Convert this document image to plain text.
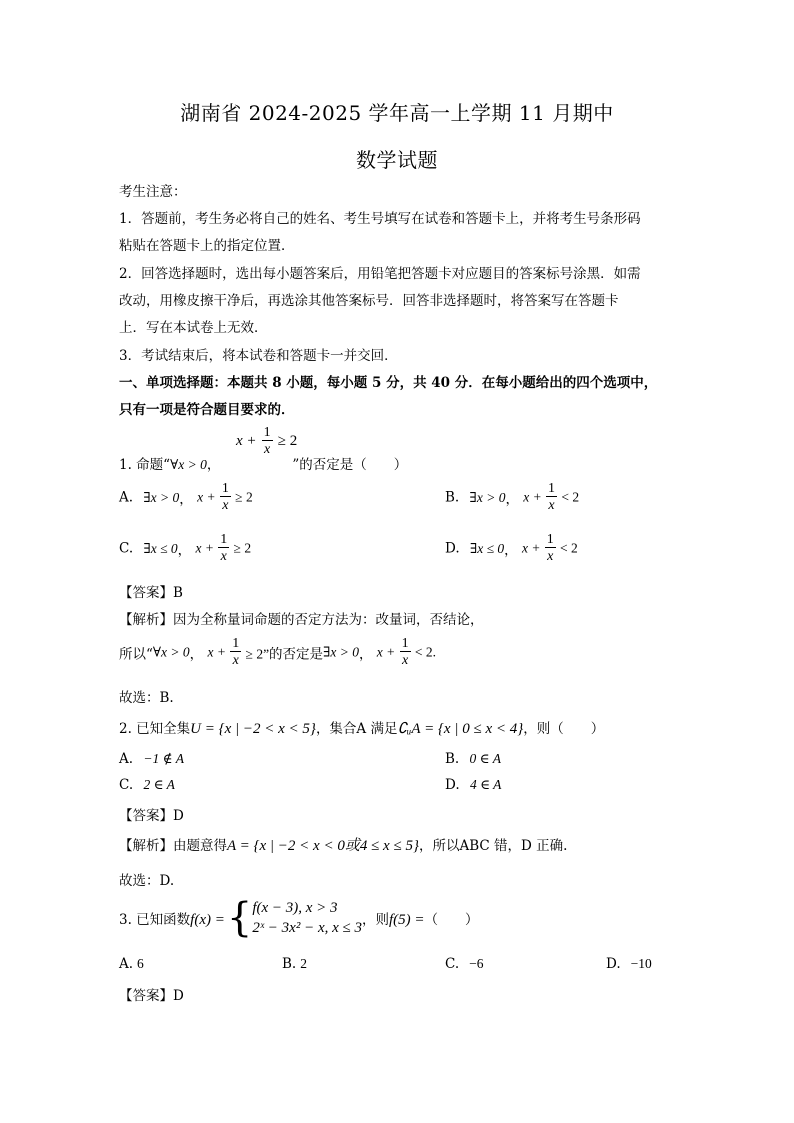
湖南省 2024-2025 学年高一上学期 11 月期中
数学试题
考生注意：
1．答题前，考生务必将自己的姓名、考生号填写在试卷和答题卡上，并将考生号条形码
粘贴在答题卡上的指定位置．
2．回答选择题时，选出每小题答案后，用铅笔把答题卡对应题目的答案标号涂黑．如需
改动，用橡皮擦干净后，再选涂其他答案标号．回答非选择题时，将答案写在答题卡
上．写在本试卷上无效．
3．考试结束后，将本试卷和答题卡一并交回．
一、单项选择题：本题共 8 小题，每小题 5 分，共 40 分．在每小题给出的四个选项中，
只有一项是符合题目要求的．
$x + \frac{1}{x} \ge 2$
1. 命题“∀x > 0，	”的否定是（　　）
A. ∃x > 0， $x + \frac{1}{x} \ge 2$	B. ∃x > 0， $x + \frac{1}{x} < 2$
C. ∃x ≤ 0， $x + \frac{1}{x} \ge 2$	D. ∃x ≤ 0， $x + \frac{1}{x} < 2$
【答案】B
【解析】因为全称量词命题的否定方法为：改量词，否结论，
所以“∀x > 0， $x + \frac{1}{x} \ge 2$”的否定是∃x > 0， $x + \frac{1}{x} < 2$.
故选：B.
2. 已知全集U = {x | −2 < x < 5}，集合A 满足∁ᵤA = {x | 0 ≤ x < 4}，则（　　）
A. −1 ∉ A	B. 0 ∈ A
C. 2 ∈ A	D. 4 ∈ A
【答案】D
【解析】由题意得A = {x | −2 < x < 0或4 ≤ x ≤ 5}，所以ABC 错，D 正确.
故选：D.
3. 已知函数f(x) =	{	f(x − 3), x > 3
2ˣ − 3x² − x, x ≤ 3
	，则f(5) =（　　）
A. 6	B. 2	C. −6	D. −10
【答案】D
